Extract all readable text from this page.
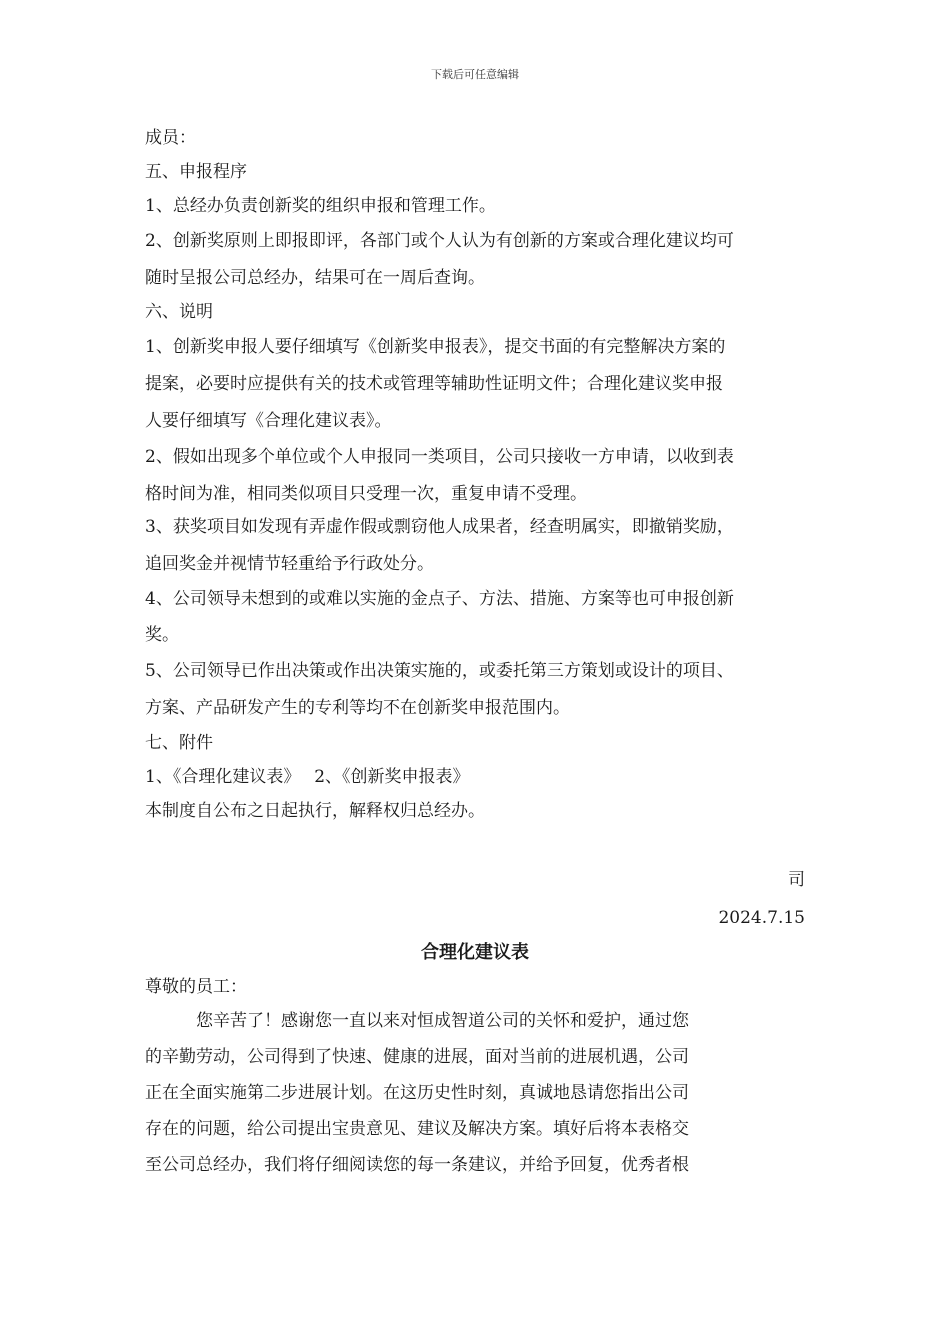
下载后可任意编辑
成员：
五、申报程序
1、总经办负责创新奖的组织申报和管理工作。
2、创新奖原则上即报即评，各部门或个人认为有创新的方案或合理化建议均可
随时呈报公司总经办，结果可在一周后查询。
六、说明
1、创新奖申报人要仔细填写《创新奖申报表》，提交书面的有完整解决方案的
提案，必要时应提供有关的技术或管理等辅助性证明文件；合理化建议奖申报
人要仔细填写《合理化建议表》。
2、假如出现多个单位或个人申报同一类项目，公司只接收一方申请，以收到表
格时间为准，相同类似项目只受理一次，重复申请不受理。
3、获奖项目如发现有弄虚作假或剽窃他人成果者，经查明属实，即撤销奖励，
追回奖金并视情节轻重给予行政处分。
4、公司领导未想到的或难以实施的金点子、方法、措施、方案等也可申报创新
奖。
5、公司领导已作出决策或作出决策实施的，或委托第三方策划或设计的项目、
方案、产品研发产生的专利等均不在创新奖申报范围内。
七、附件
1、《合理化建议表》　 2、《创新奖申报表》
本制度自公布之日起执行，解释权归总经办。
司
2024.7.15
合理化建议表
尊敬的员工：
　　　您辛苦了！感谢您一直以来对恒成智道公司的关怀和爱护，通过您
的辛勤劳动，公司得到了快速、健康的进展，面对当前的进展机遇，公司
正在全面实施第二步进展计划。在这历史性时刻，真诚地恳请您指出公司
存在的问题，给公司提出宝贵意见、建议及解决方案。填好后将本表格交
至公司总经办，我们将仔细阅读您的每一条建议，并给予回复，优秀者根
